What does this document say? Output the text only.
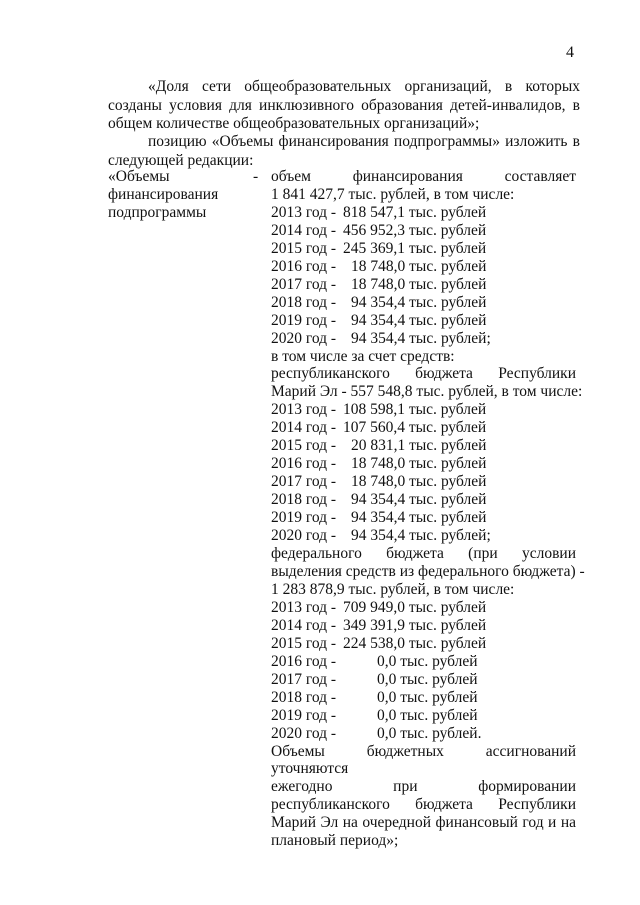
4

«Доля сети общеобразовательных организаций, в которых созданы условия для инклюзивного образования детей-инвалидов, в общем количестве общеобразовательных организаций»;

позицию «Объемы финансирования подпрограммы» изложить в следующей редакции:

«Объемы
финансирования
подпрограммы
- объем финансирования составляет
1 841 427,7 тыс. рублей, в том числе:
2013 год - 818 547,1 тыс. рублей
2014 год - 456 952,3 тыс. рублей
2015 год - 245 369,1 тыс. рублей
2016 год - 18 748,0 тыс. рублей
2017 год - 18 748,0 тыс. рублей
2018 год - 94 354,4 тыс. рублей
2019 год - 94 354,4 тыс. рублей
2020 год - 94 354,4 тыс. рублей;
в том числе за счет средств:
республиканского бюджета Республики
Марий Эл - 557 548,8 тыс. рублей, в том числе:
2013 год - 108 598,1 тыс. рублей
2014 год - 107 560,4 тыс. рублей
2015 год - 20 831,1 тыс. рублей
2016 год - 18 748,0 тыс. рублей
2017 год - 18 748,0 тыс. рублей
2018 год - 94 354,4 тыс. рублей
2019 год - 94 354,4 тыс. рублей
2020 год - 94 354,4 тыс. рублей;
федерального бюджета (при условии
выделения средств из федерального бюджета) -
1 283 878,9 тыс. рублей, в том числе:
2013 год - 709 949,0 тыс. рублей
2014 год - 349 391,9 тыс. рублей
2015 год - 224 538,0 тыс. рублей
2016 год -	0,0 тыс. рублей
2017 год -	0,0 тыс. рублей
2018 год -	0,0 тыс. рублей
2019 год -	0,0 тыс. рублей
2020 год -	0,0 тыс. рублей.
Объемы бюджетных ассигнований уточняются
ежегодно при формировании
республиканского бюджета Республики
Марий Эл на очередной финансовый год и на
плановый период»;
